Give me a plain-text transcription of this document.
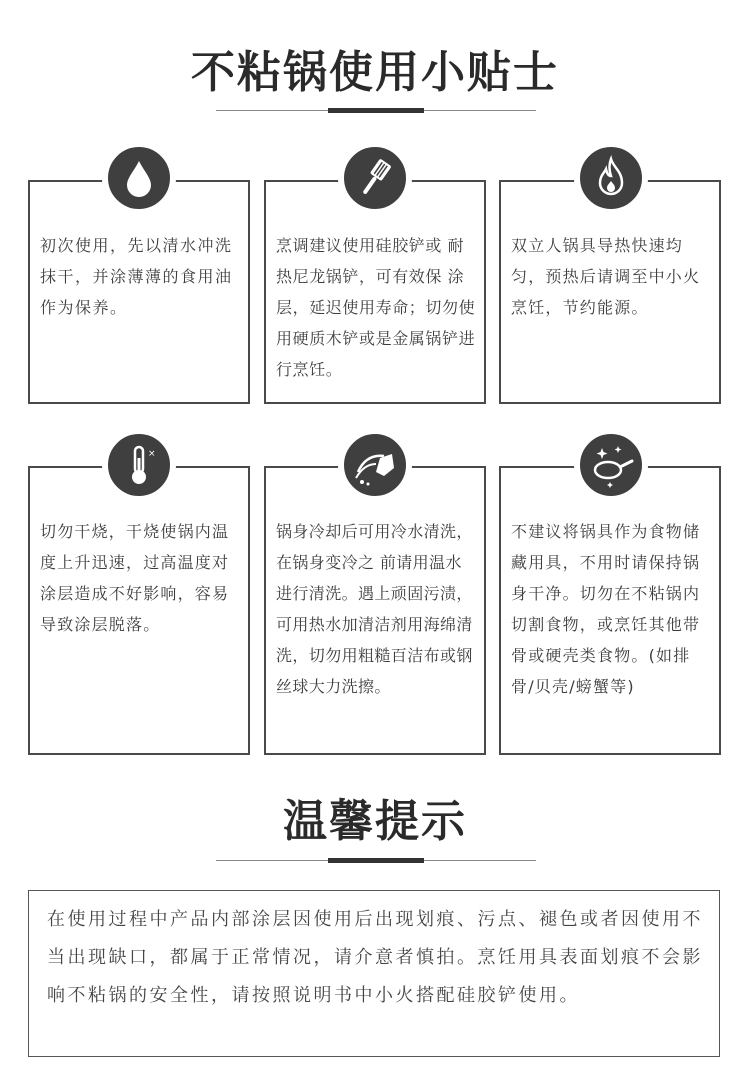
不粘锅使用小贴士

初次使用，先以清水冲洗抹干，并涂薄薄的食用油作为保养。

烹调建议使用硅胶铲或 耐热尼龙锅铲，可有效保 涂层，延迟使用寿命；切勿使用硬质木铲或是金属锅铲进行烹饪。

双立人锅具导热快速均匀，预热后请调至中小火烹饪，节约能源。

切勿干烧，干烧使锅内温度上升迅速，过高温度对涂层造成不好影响，容易导致涂层脱落。

×

锅身冷却后可用冷水清洗，在锅身变冷之 前请用温水进行清洗。遇上顽固污渍，可用热水加清洁剂用海绵清洗，切勿用粗糙百洁布或钢丝球大力洗擦。

不建议将锅具作为食物储藏用具，不用时请保持锅身干净。切勿在不粘锅内切割食物，或烹饪其他带骨或硬壳类食物。(如排骨/贝壳/螃蟹等)

温馨提示

在使用过程中产品内部涂层因使用后出现划痕、污点、褪色或者因使用不当出现缺口，都属于正常情况，请介意者慎拍。烹饪用具表面划痕不会影响不粘锅的安全性，请按照说明书中小火搭配硅胶铲使用。
